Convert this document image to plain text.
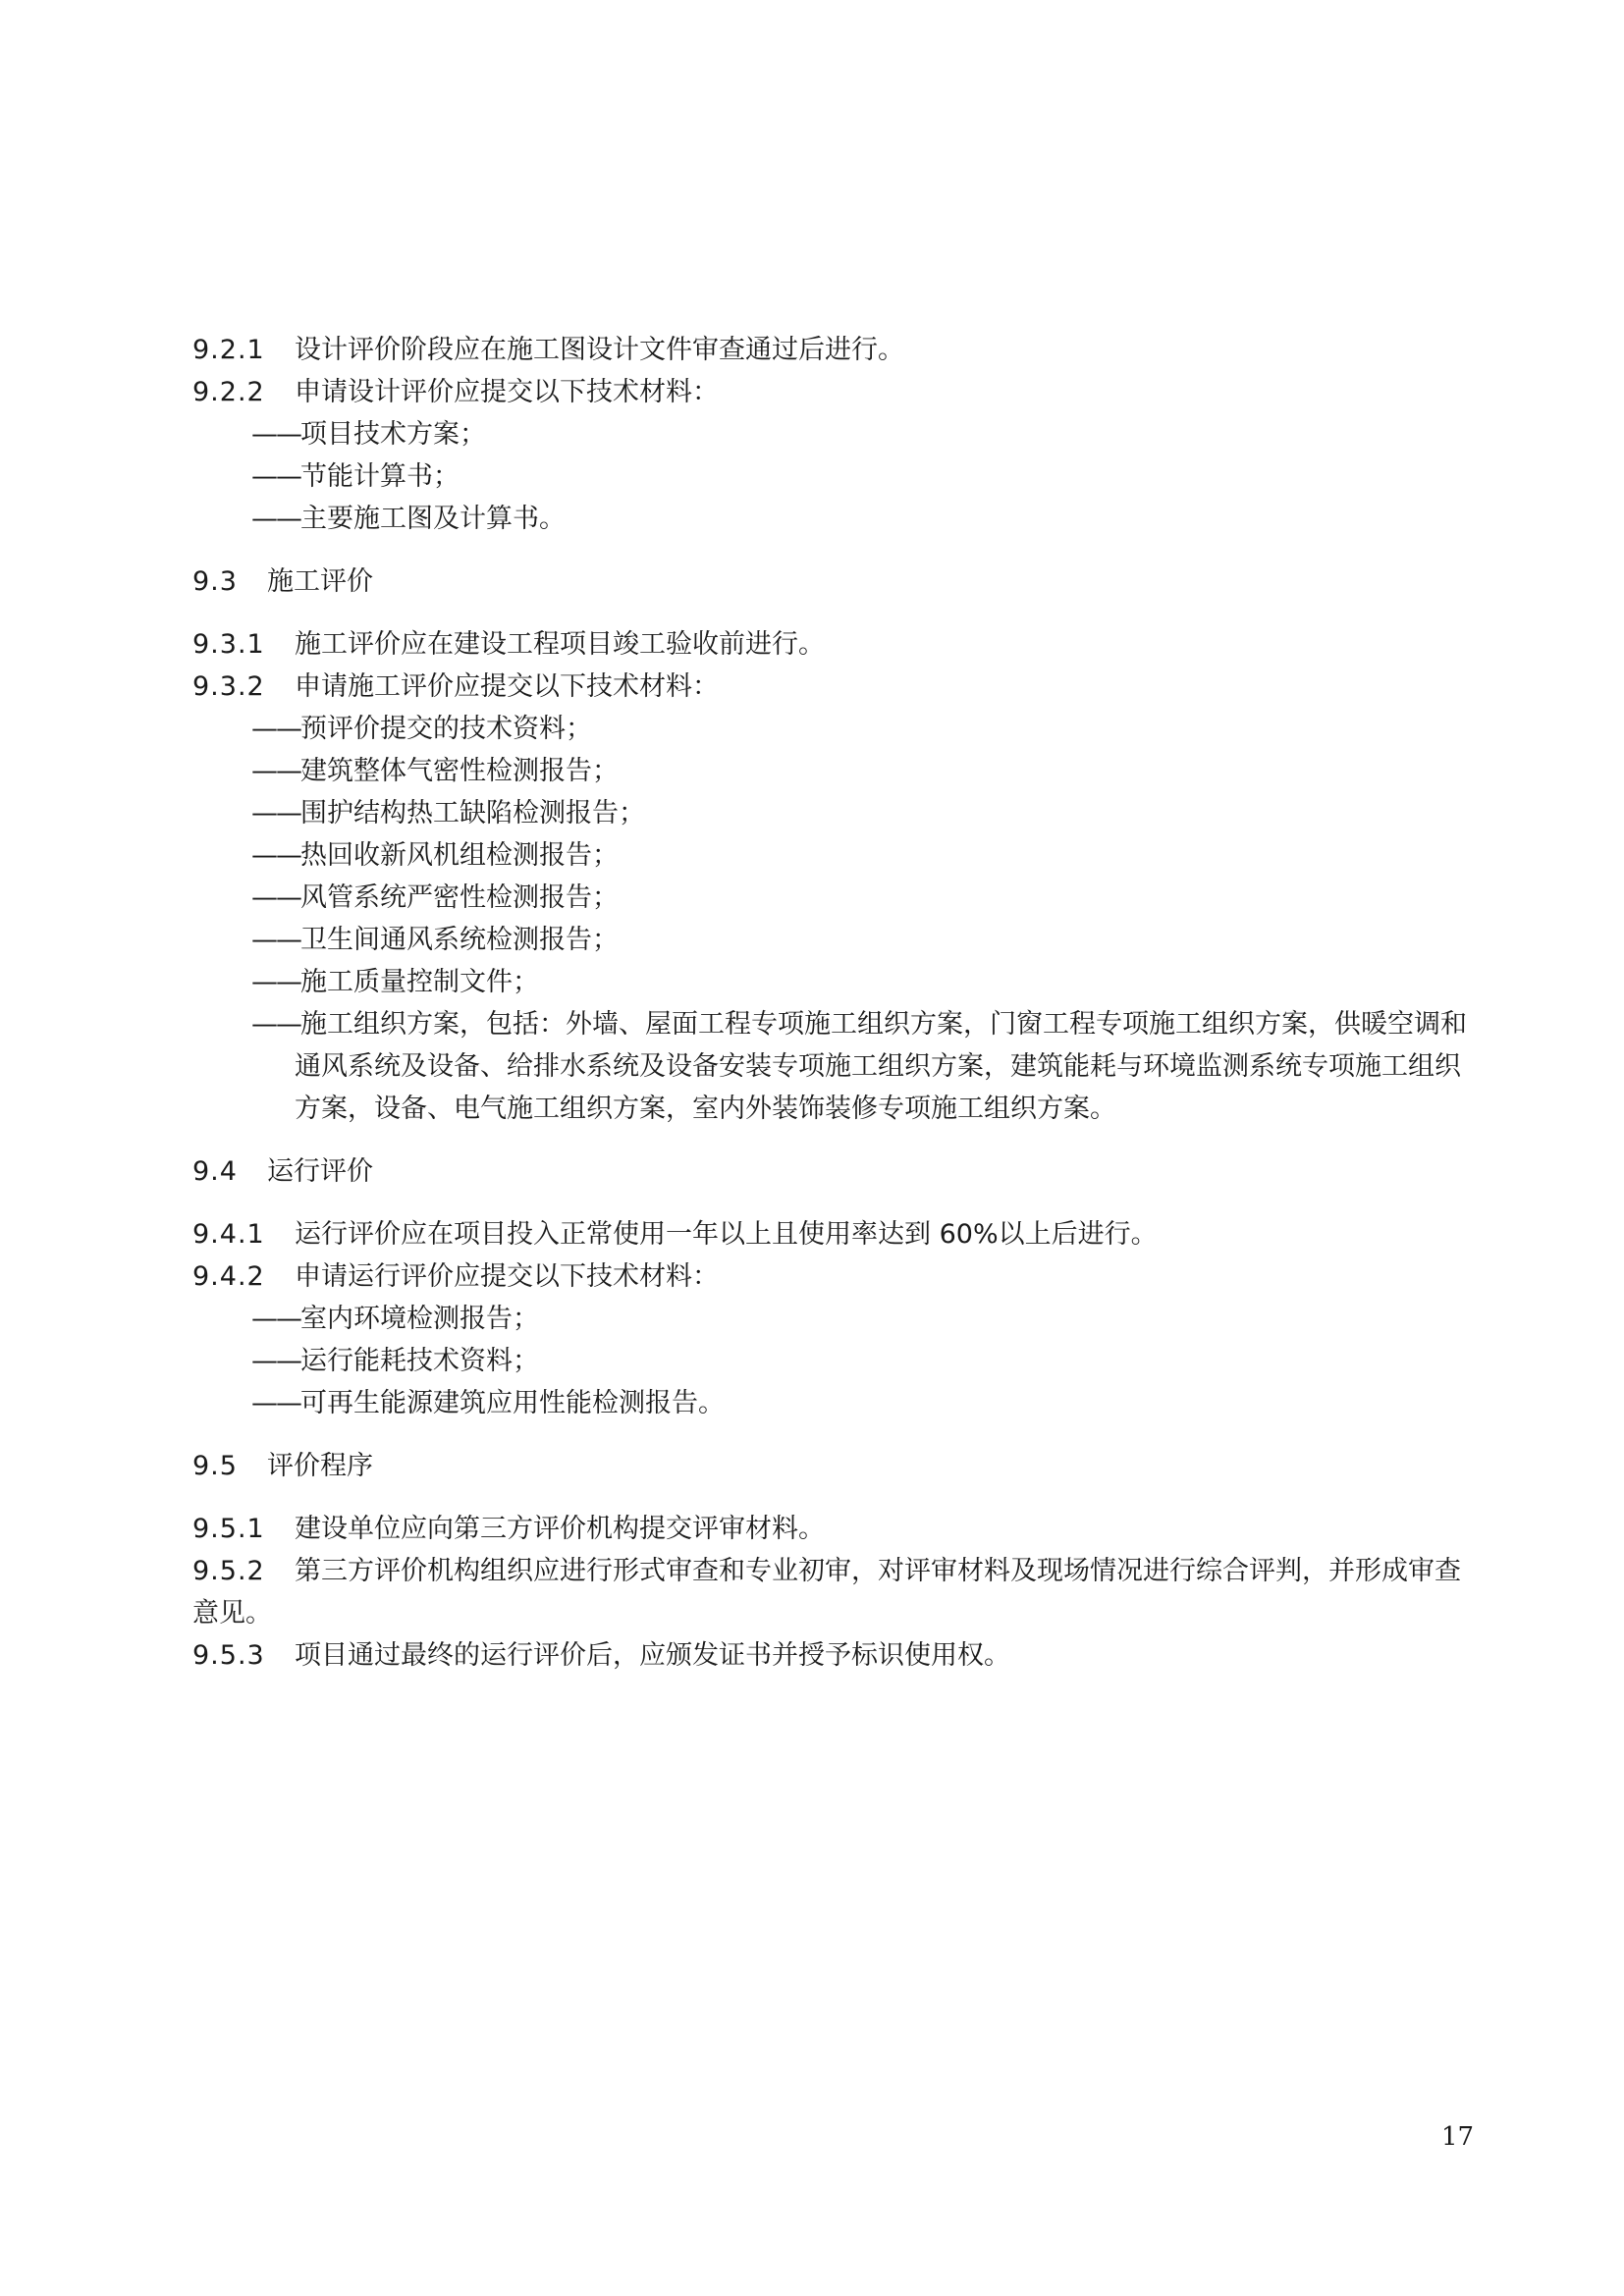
9.2.1 设计评价阶段应在施工图设计文件审查通过后进行。
9.2.2 申请设计评价应提交以下技术材料：
——项目技术方案；
——节能计算书；
——主要施工图及计算书。
9.3 施工评价
9.3.1 施工评价应在建设工程项目竣工验收前进行。
9.3.2 申请施工评价应提交以下技术材料：
——预评价提交的技术资料；
——建筑整体气密性检测报告；
——围护结构热工缺陷检测报告；
——热回收新风机组检测报告；
——风管系统严密性检测报告；
——卫生间通风系统检测报告；
——施工质量控制文件；
——施工组织方案，包括：外墙、屋面工程专项施工组织方案，门窗工程专项施工组织方案，供暖空调和通风系统及设备、给排水系统及设备安装专项施工组织方案，建筑能耗与环境监测系统专项施工组织方案，设备、电气施工组织方案，室内外装饰装修专项施工组织方案。
9.4 运行评价
9.4.1 运行评价应在项目投入正常使用一年以上且使用率达到 60%以上后进行。
9.4.2 申请运行评价应提交以下技术材料：
——室内环境检测报告；
——运行能耗技术资料；
——可再生能源建筑应用性能检测报告。
9.5 评价程序
9.5.1 建设单位应向第三方评价机构提交评审材料。
9.5.2 第三方评价机构组织应进行形式审查和专业初审，对评审材料及现场情况进行综合评判，并形成审查意见。
9.5.3 项目通过最终的运行评价后，应颁发证书并授予标识使用权。
17
